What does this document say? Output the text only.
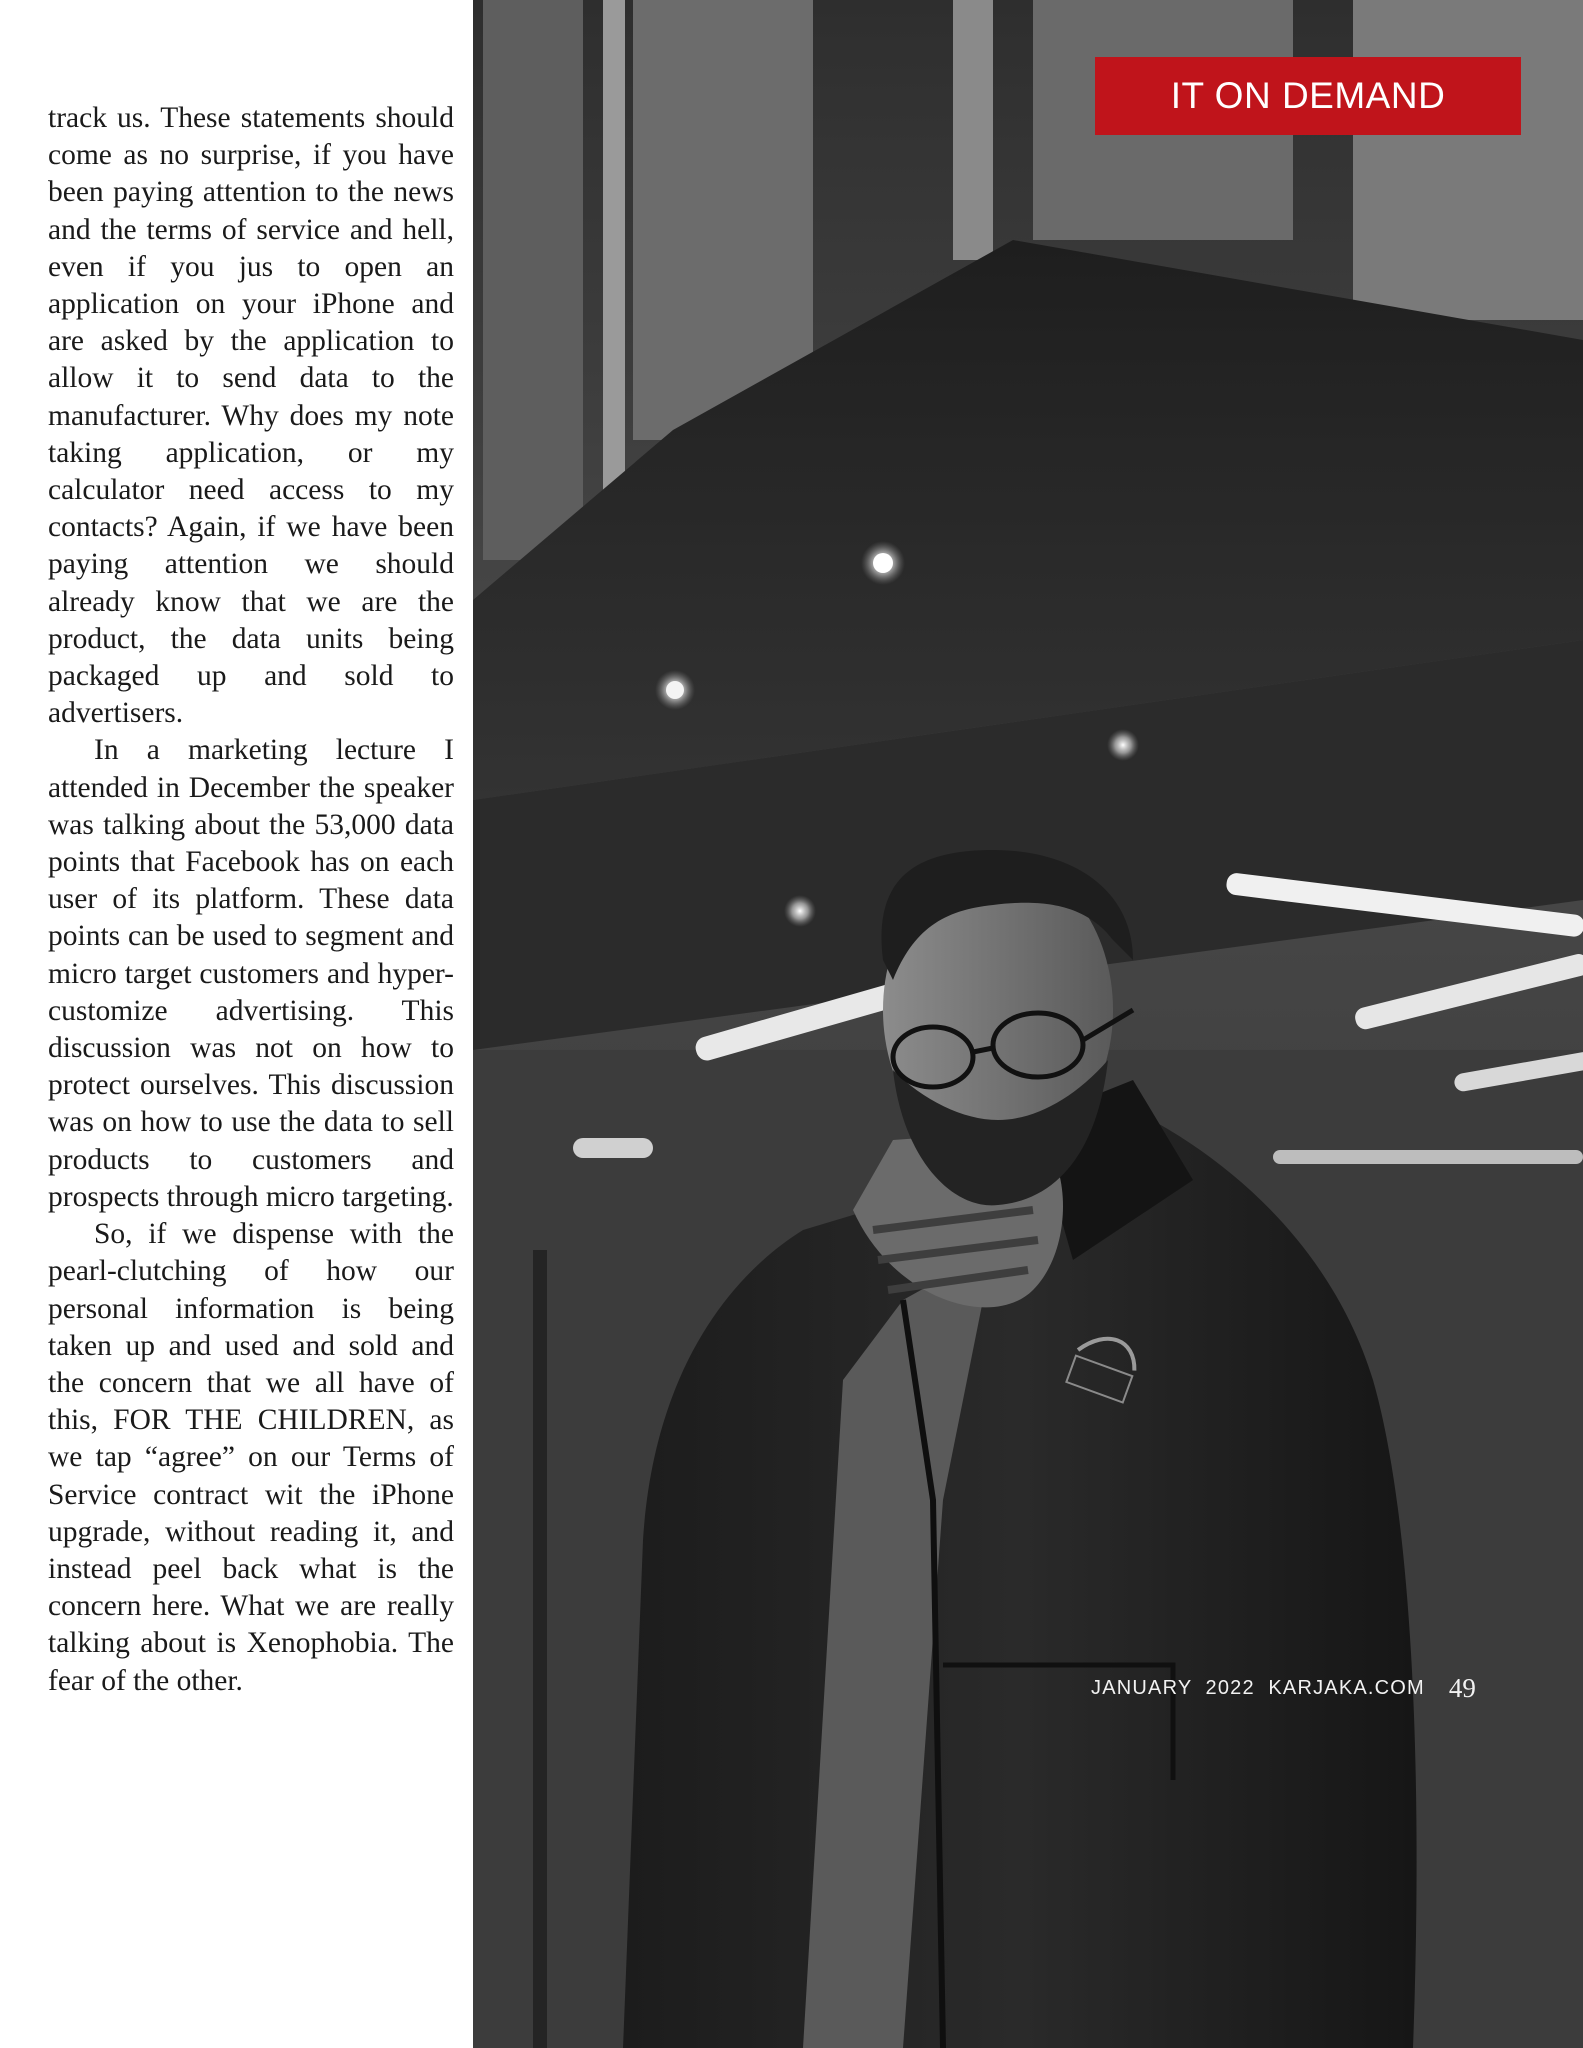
track us. These statements should come as no surprise, if you have been paying attention to the news and the terms of service and hell, even if you jus to open an application on your iPhone and are asked by the application to allow it to send data to the manufacturer. Why does my note taking application, or my calculator need access to my contacts? Again, if we have been paying attention we should already know that we are the product, the data units being packaged up and sold to advertisers.

In a marketing lecture I attended in December the speaker was talking about the 53,000 data points that Facebook has on each user of its platform. These data points can be used to segment and micro target customers and hyper-customize advertising. This discussion was not on how to protect ourselves. This discussion was on how to use the data to sell products to customers and prospects through micro targeting.

So, if we dispense with the pearl-clutching of how our personal information is being taken up and used and sold and the concern that we all have of this, FOR THE CHILDREN, as we tap “agree” on our Terms of Service contract wit the iPhone upgrade, without reading it, and instead peel back what is the concern here. What we are really talking about is Xenophobia. The fear of the other.

IT ON DEMAND
JANUARY  2022
KARJAKA.COM 49
